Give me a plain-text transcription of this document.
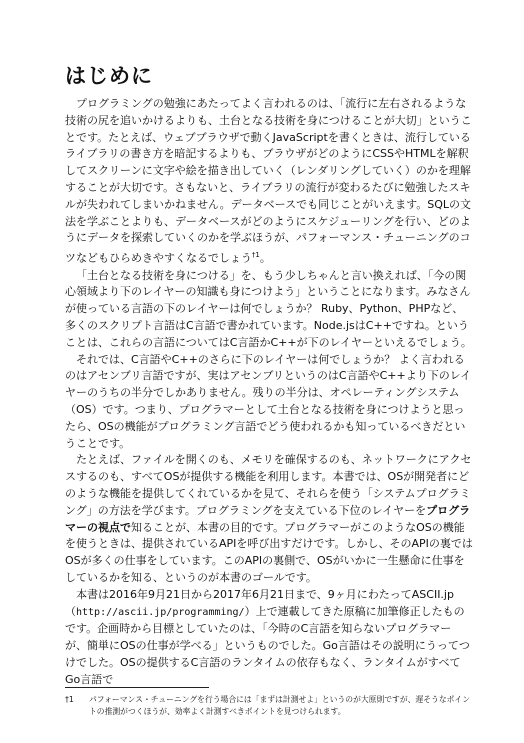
はじめに

プログラミングの勉強にあたってよく言われるのは、「流行に左右されるような技術の尻を追いかけるよりも、土台となる技術を身につけることが大切」ということです。たとえば、ウェブブラウザで動くJavaScriptを書くときは、流行しているライブラリの書き方を暗記するよりも、ブラウザがどのようにCSSやHTMLを解釈してスクリーンに文字や絵を描き出していく（レンダリングしていく）のかを理解することが大切です。さもないと、ライブラリの流行が変わるたびに勉強したスキルが失われてしまいかねません。データベースでも同じことがいえます。SQLの文法を学ぶことよりも、データベースがどのようにスケジューリングを行い、どのようにデータを探索していくのかを学ぶほうが、パフォーマンス・チューニングのコツなどもひらめきやすくなるでしょう$^{\dagger 1}$。

「土台となる技術を身につける」を、もう少しちゃんと言い換えれば、「今の関心領域より下のレイヤーの知識も身につけよう」ということになります。みなさんが使っている言語の下のレイヤーは何でしょうか？ Ruby、Python、PHPなど、多くのスクリプト言語はC言語で書かれています。Node.jsはC++ですね。ということは、これらの言語についてはC言語かC++が下のレイヤーといえるでしょう。

それでは、C言語やC++のさらに下のレイヤーは何でしょうか？ よく言われるのはアセンブリ言語ですが、実はアセンブリというのはC言語やC++より下のレイヤーのうちの半分でしかありません。残りの半分は、オペレーティングシステム（OS）です。つまり、プログラマーとして土台となる技術を身につけようと思ったら、OSの機能がプログラミング言語でどう使われるかも知っているべきだということです。

たとえば、ファイルを開くのも、メモリを確保するのも、ネットワークにアクセスするのも、すべてOSが提供する機能を利用します。本書では、OSが開発者にどのような機能を提供してくれているかを見て、それらを使う「システムプログラミング」の方法を学びます。プログラミングを支えている下位のレイヤーをプログラマーの視点で知ることが、本書の目的です。プログラマーがこのようなOSの機能を使うときは、提供されているAPIを呼び出すだけです。しかし、そのAPIの裏ではOSが多くの仕事をしています。このAPIの裏側で、OSがいかに一生懸命に仕事をしているかを知る、というのが本書のゴールです。

本書は2016年9月21日から2017年6月21日まで、9ヶ月にわたってASCII.jp（http://ascii.jp/programming/）上で連載してきた原稿に加筆修正したものです。企画時から目標としていたのは、「今時のC言語を知らないプログラマーが、簡単にOSの仕事が学べる」というものでした。Go言語はその説明にうってつけでした。OSの提供するC言語のランタイムの依存もなく、ランタイムがすべてGo言語で

†1	パフォーマンス・チューニングを行う場合には「まずは計測せよ」というのが大原則ですが、遅そうなポイントの推測がつくほうが、効率よく計測すべきポイントを見つけられます。
